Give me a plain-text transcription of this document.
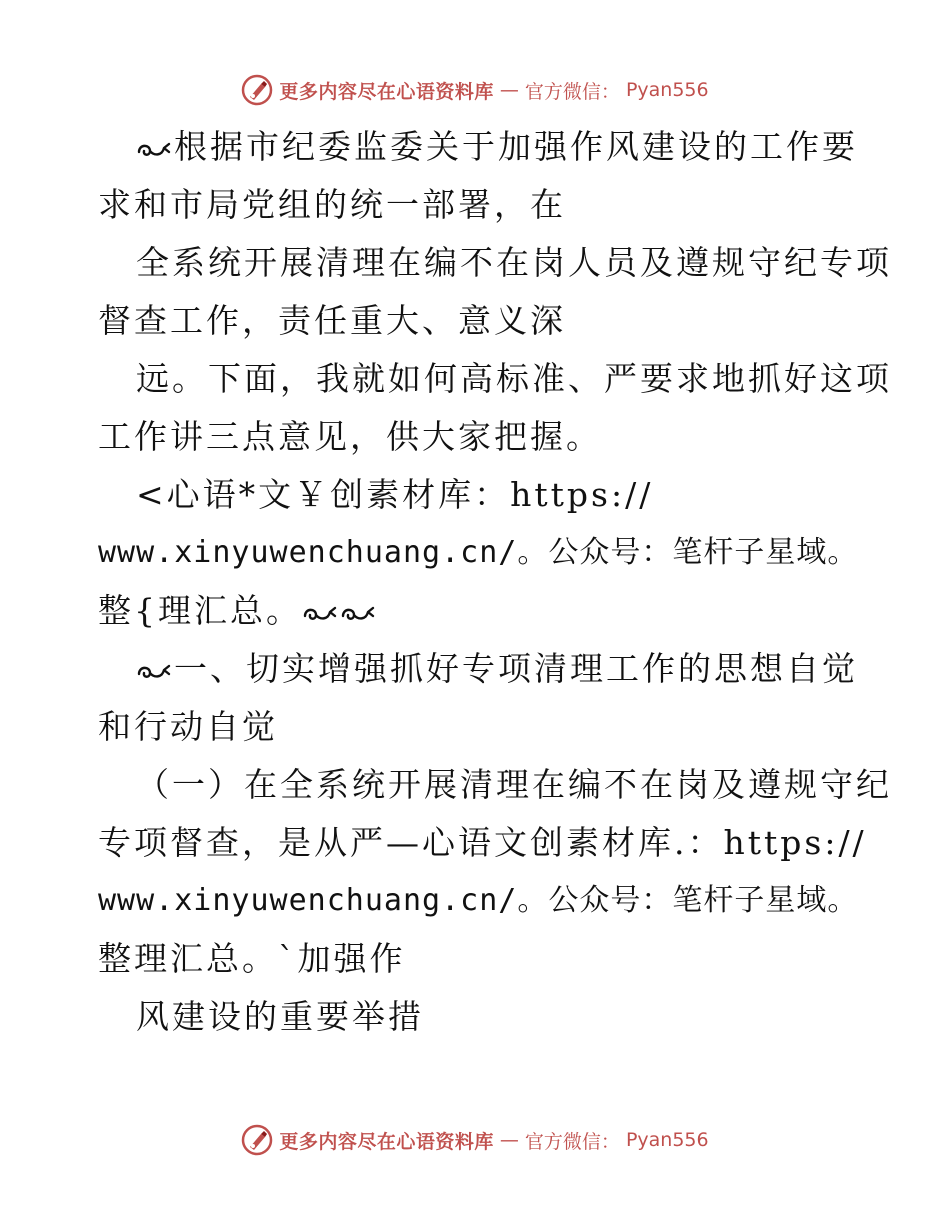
更多内容尽在心语资料库 — 官方微信： Pyan556
根据市纪委监委关于加强作风建设的工作要
求和市局党组的统一部署，在
全系统开展清理在编不在岗人员及遵规守纪专项
督查工作，责任重大、意义深
远。下面，我就如何高标准、严要求地抓好这项
工作讲三点意见，供大家把握。
<心语*文￥创素材库：https://
www.xinyuwenchuang.cn/。公众号：笔杆子星域。
整{理汇总。
一、切实增强抓好专项清理工作的思想自觉
和行动自觉
（一）在全系统开展清理在编不在岗及遵规守纪
专项督查，是从严—心语文创素材库.：https://
www.xinyuwenchuang.cn/。公众号：笔杆子星域。
整理汇总。`加强作
风建设的重要举措
更多内容尽在心语资料库 — 官方微信： Pyan556
